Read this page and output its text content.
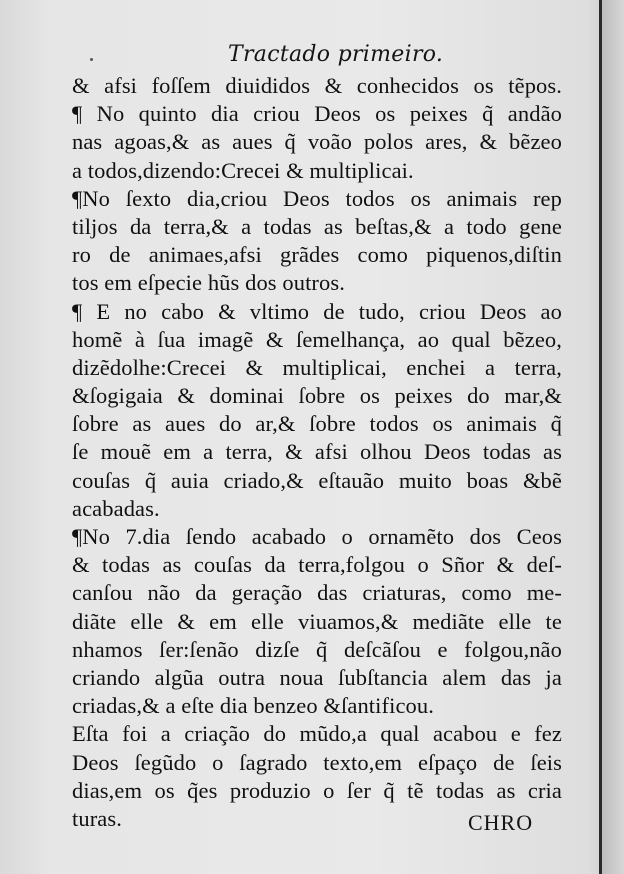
Tractado primeiro.
& afsi foſſem diuididos & conhecidos os tẽpos.
¶ No quinto dia criou Deos os peixes q̃ andão
nas agoas,& as aues q̃ voão polos ares, & bẽzeo
a todos,dizendo:Crecei & multiplicai.
¶No ſexto dia,criou Deos todos os animais rep
tiljos da terra,& a todas as beſtas,& a todo gene
ro de animaes,afsi grãdes como piquenos,diſtin
tos em eſpecie hũs dos outros.
¶ E no cabo & vltimo de tudo, criou Deos ao
homẽ à ſua imagẽ & ſemelhança, ao qual bẽzeo,
dizẽdolhe:Crecei & multiplicai, enchei a terra,
&ſogigaia & dominai ſobre os peixes do mar,&
ſobre as aues do ar,& ſobre todos os animais q̃
ſe mouẽ em a terra, & afsi olhou Deos todas as
couſas q̃ auia criado,& eſtauão muito boas &bẽ
acabadas.
¶No 7.dia ſendo acabado o ornamẽto dos Ceos
& todas as couſas da terra,folgou o Sñor & deſ-
canſou não da geração das criaturas, como me-
diãte elle & em elle viuamos,& mediãte elle te
nhamos ſer:ſenão dizſe q̃ deſcãſou e folgou,não
criando algũa outra noua ſubſtancia alem das ja
criadas,& a eſte dia benzeo &ſantificou.
Eſta foi a criação do mũdo,a qual acabou e fez
Deos ſegũdo o ſagrado texto,em eſpaço de ſeis
dias,em os q̃es produzio o ſer q̃ tẽ todas as cria
turas.	CHRO
